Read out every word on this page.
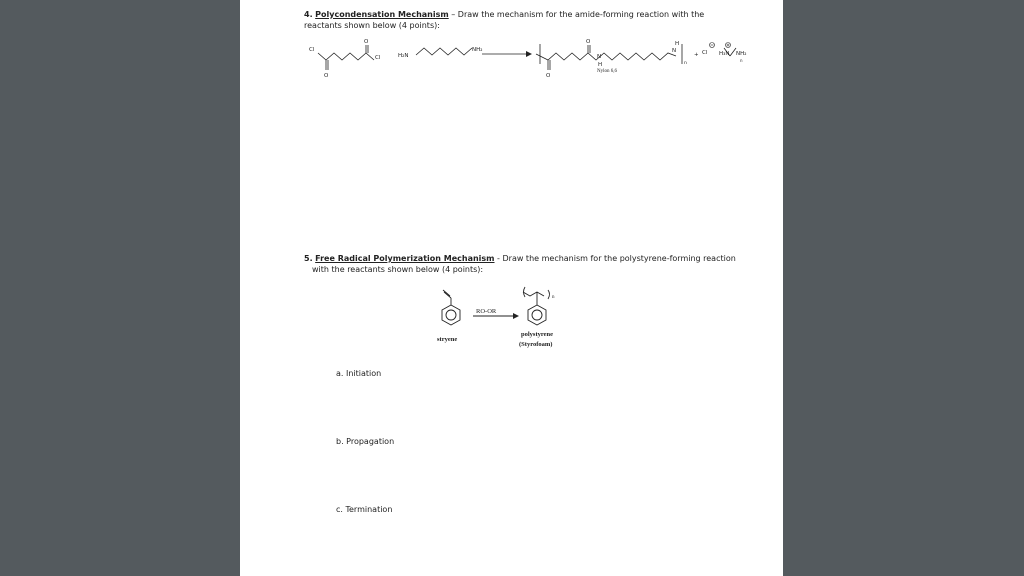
4. Polycondensation Mechanism – Draw the mechanism for the amide-forming reaction with the
reactants shown below (4 points):

Cl
Cl
O
O
H₂N
NH₂
O
O
N
H
N
H
n
+ Cl H₃N NH₂
n
Nylon 6,6

5. Free Radical Polymerization Mechanism - Draw the mechanism for the polystyrene-forming reaction
with the reactants shown below (4 points):

RO-OR
n
stryene
polystyrene
(Styrofoam)

a. Initiation

b. Propagation

c. Termination
